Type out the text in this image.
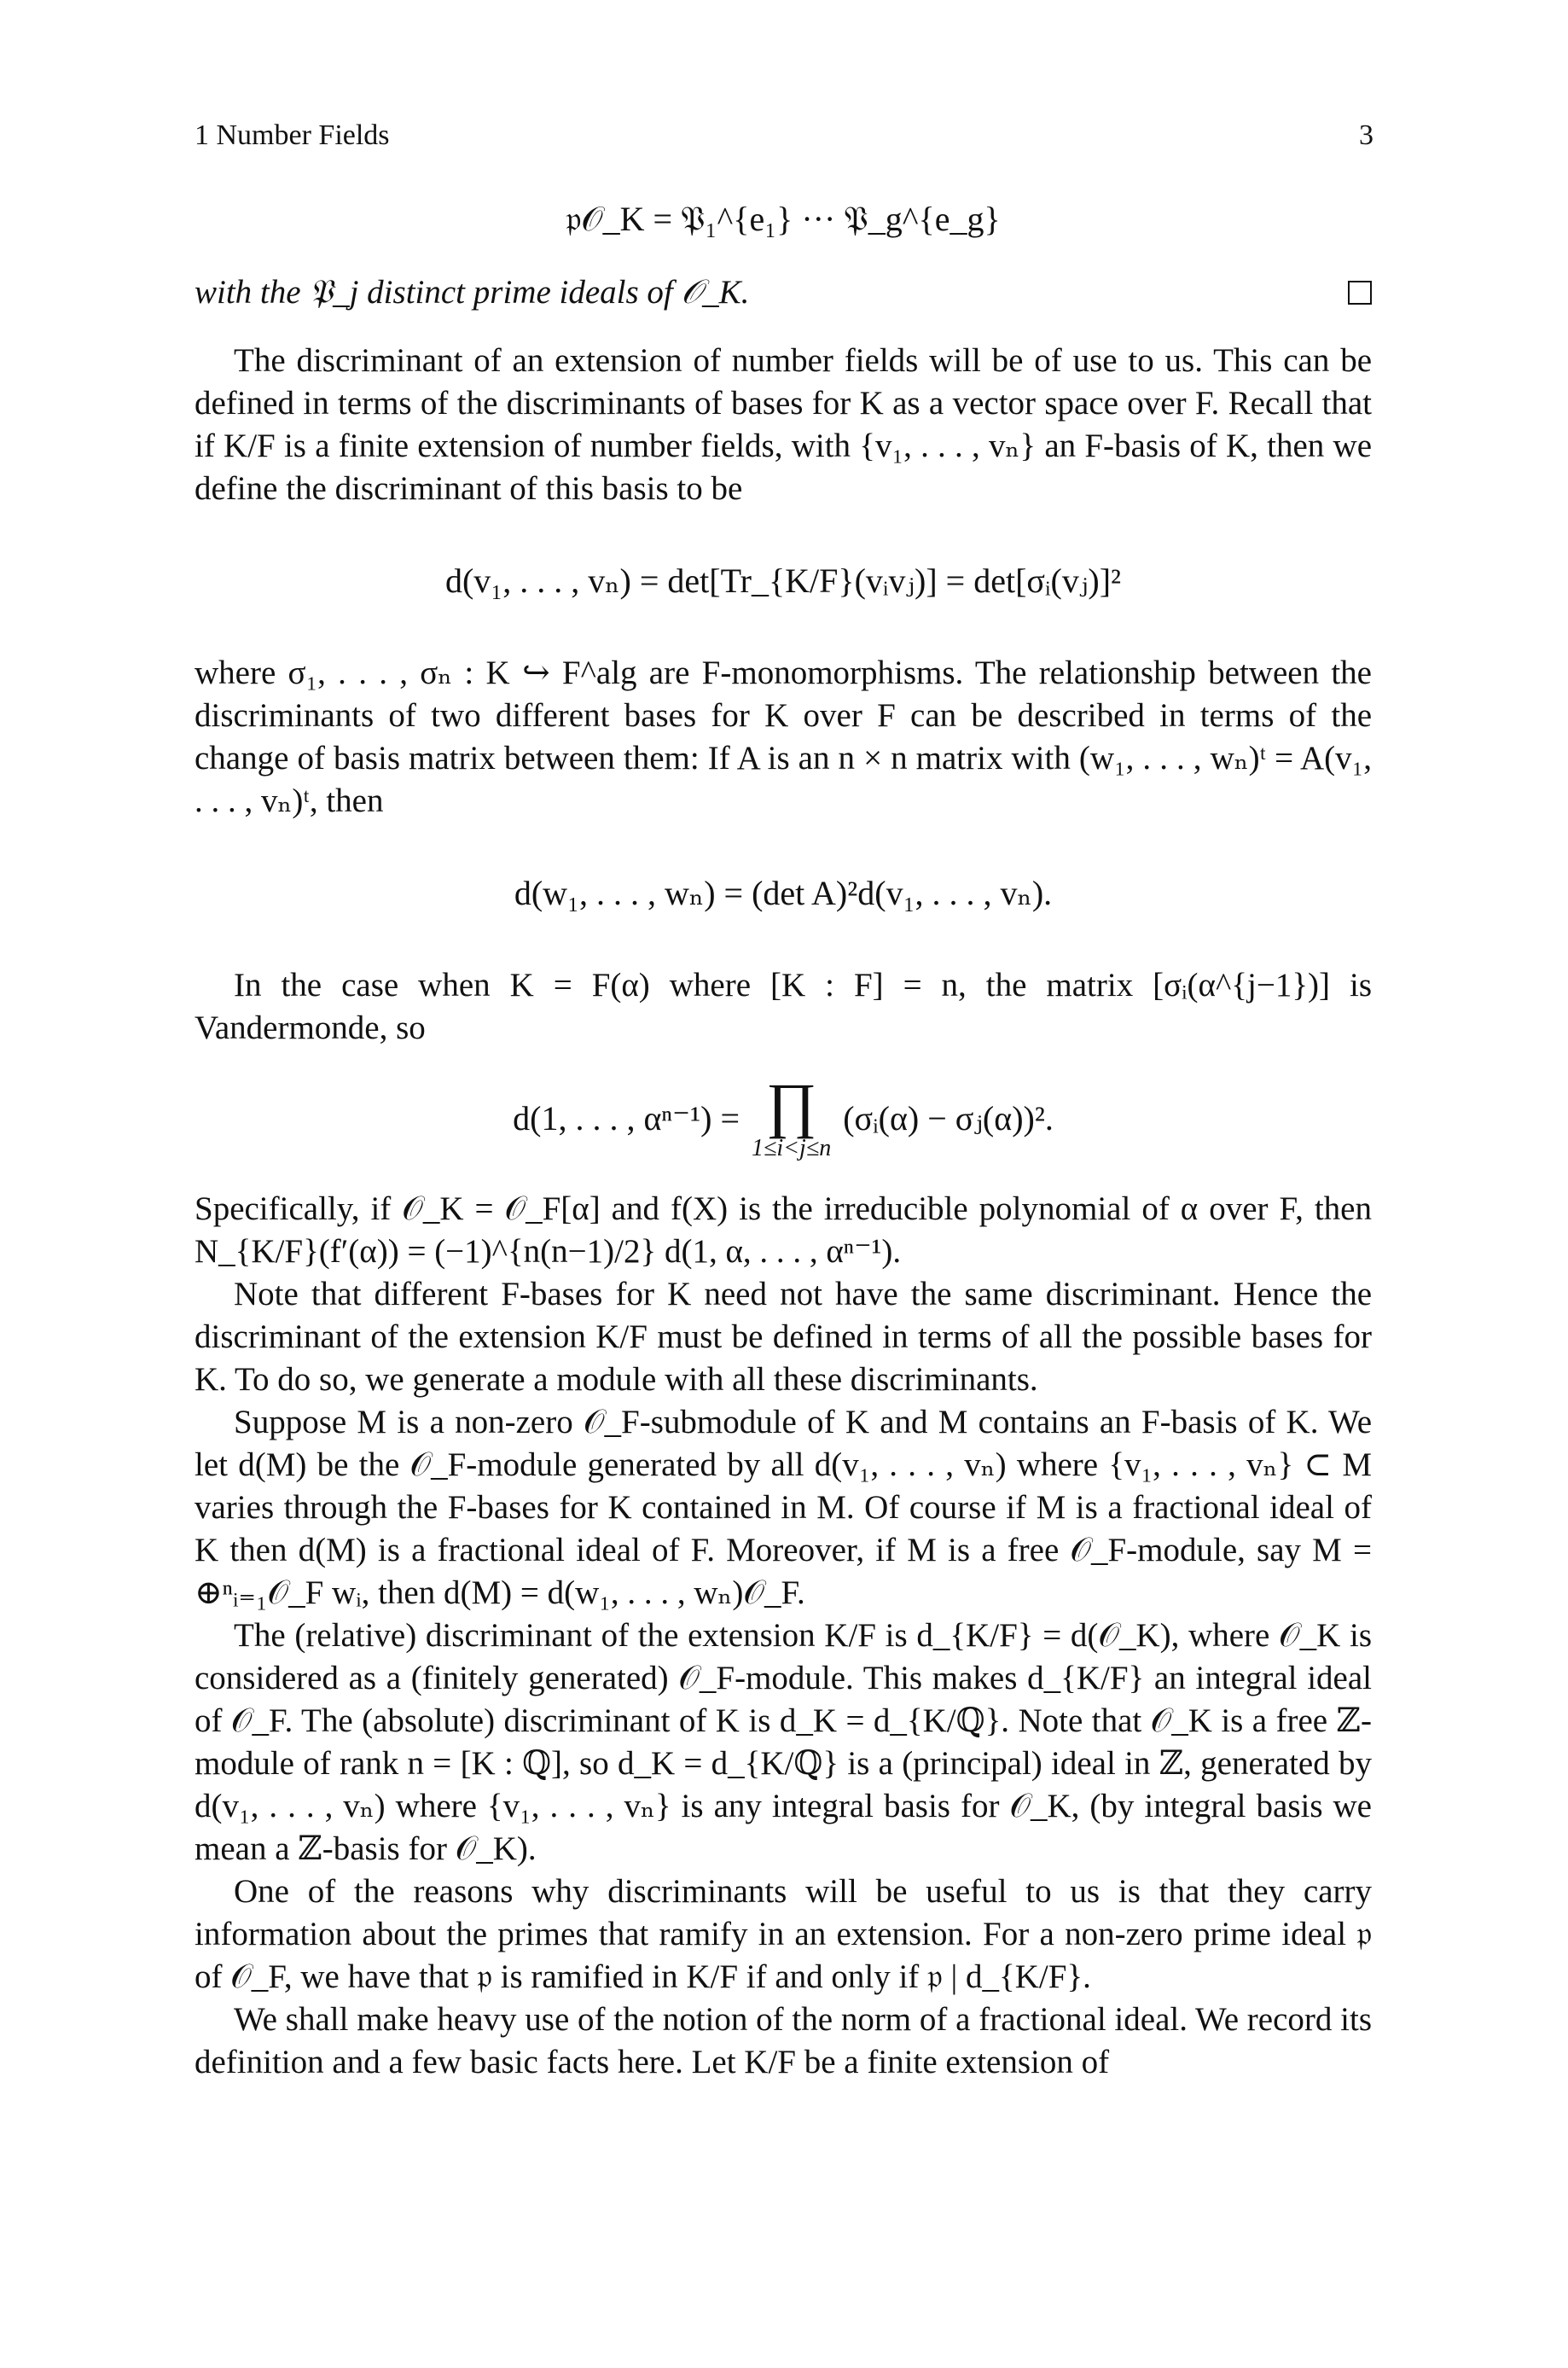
1 Number Fields	3
𝔭𝒪_K = 𝔓₁^{e₁} ··· 𝔓_g^{e_g}
with the 𝔓_j distinct prime ideals of 𝒪_K.

The discriminant of an extension of number fields will be of use to us. This can be defined in terms of the discriminants of bases for K as a vector space over F. Recall that if K/F is a finite extension of number fields, with {v₁, . . . , vₙ} an F-basis of K, then we define the discriminant of this basis to be

d(v₁, . . . , vₙ) = det[Tr_{K/F}(vᵢvⱼ)] = det[σᵢ(vⱼ)]²

where σ₁, . . . , σₙ : K ↪ F^alg are F-monomorphisms. The relationship between the discriminants of two different bases for K over F can be described in terms of the change of basis matrix between them: If A is an n × n matrix with (w₁, . . . , wₙ)ᵗ = A(v₁, . . . , vₙ)ᵗ, then

d(w₁, . . . , wₙ) = (det A)²d(v₁, . . . , vₙ).

In the case when K = F(α) where [K : F] = n, the matrix [σᵢ(α^{j−1})] is Vandermonde, so

d(1, . . . , αⁿ⁻¹) = ∏
1≤i<j≤n
(σᵢ(α) − σⱼ(α))².

Specifically, if 𝒪_K = 𝒪_F[α] and f(X) is the irreducible polynomial of α over F, then N_{K/F}(f′(α)) = (−1)^{n(n−1)/2} d(1, α, . . . , αⁿ⁻¹).

Note that different F-bases for K need not have the same discriminant. Hence the discriminant of the extension K/F must be defined in terms of all the possible bases for K. To do so, we generate a module with all these discriminants.

Suppose M is a non-zero 𝒪_F-submodule of K and M contains an F-basis of K. We let d(M) be the 𝒪_F-module generated by all d(v₁, . . . , vₙ) where {v₁, . . . , vₙ} ⊂ M varies through the F-bases for K contained in M. Of course if M is a fractional ideal of K then d(M) is a fractional ideal of F. Moreover, if M is a free 𝒪_F-module, say M = ⊕ⁿᵢ₌₁𝒪_F wᵢ, then d(M) = d(w₁, . . . , wₙ)𝒪_F.

The (relative) discriminant of the extension K/F is d_{K/F} = d(𝒪_K), where 𝒪_K is considered as a (finitely generated) 𝒪_F-module. This makes d_{K/F} an integral ideal of 𝒪_F. The (absolute) discriminant of K is d_K = d_{K/ℚ}. Note that 𝒪_K is a free ℤ-module of rank n = [K : ℚ], so d_K = d_{K/ℚ} is a (principal) ideal in ℤ, generated by d(v₁, . . . , vₙ) where {v₁, . . . , vₙ} is any integral basis for 𝒪_K, (by integral basis we mean a ℤ-basis for 𝒪_K).

One of the reasons why discriminants will be useful to us is that they carry information about the primes that ramify in an extension. For a non-zero prime ideal 𝔭 of 𝒪_F, we have that 𝔭 is ramified in K/F if and only if 𝔭 | d_{K/F}.

We shall make heavy use of the notion of the norm of a fractional ideal. We record its definition and a few basic facts here. Let K/F be a finite extension of
